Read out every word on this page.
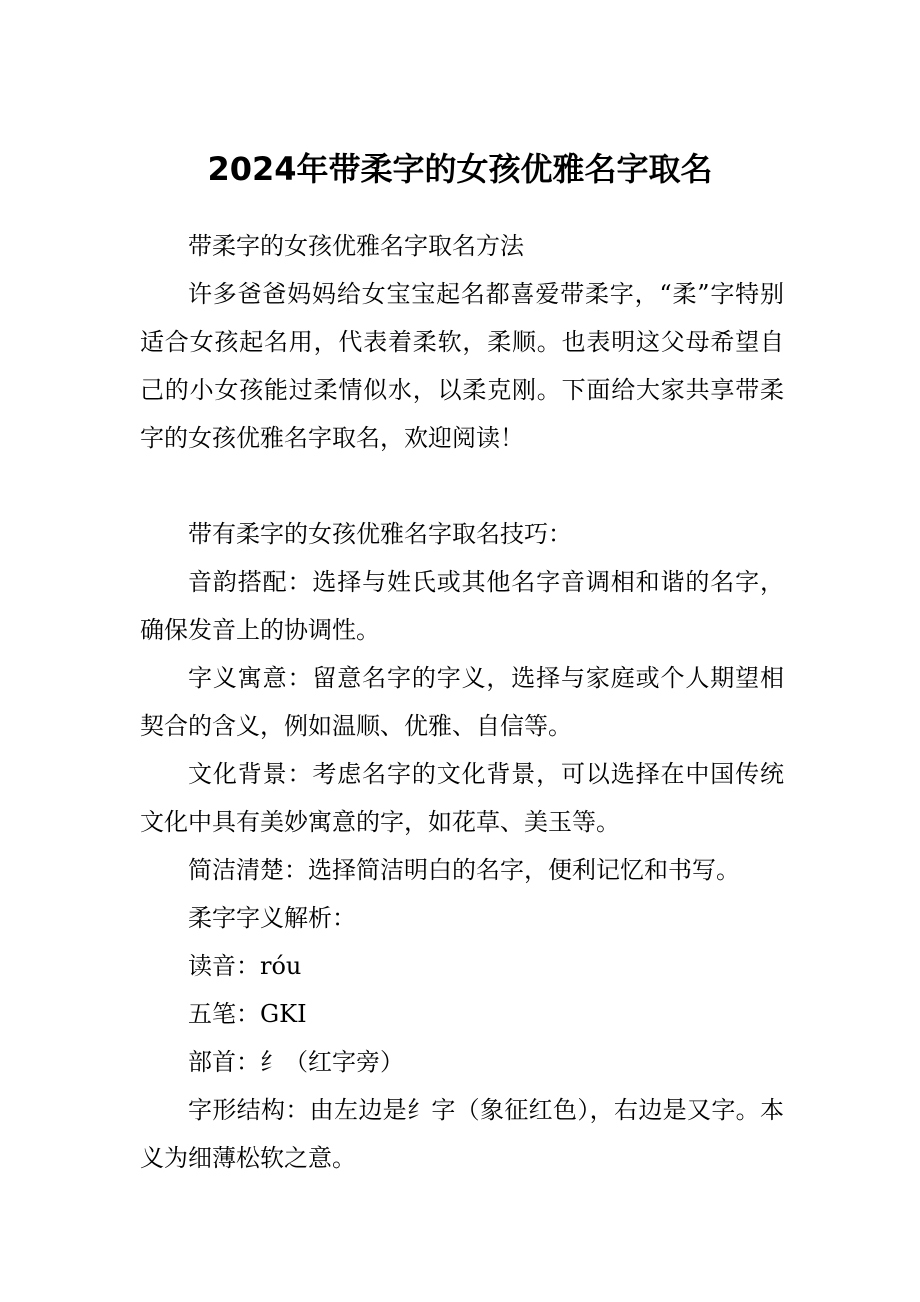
2024年带柔字的女孩优雅名字取名

带柔字的女孩优雅名字取名方法

许多爸爸妈妈给女宝宝起名都喜爱带柔字，“柔”字特别适合女孩起名用，代表着柔软，柔顺。也表明这父母希望自己的小女孩能过柔情似水，以柔克刚。下面给大家共享带柔字的女孩优雅名字取名，欢迎阅读！

带有柔字的女孩优雅名字取名技巧：

音韵搭配：选择与姓氏或其他名字音调相和谐的名字，确保发音上的协调性。

字义寓意：留意名字的字义，选择与家庭或个人期望相契合的含义，例如温顺、优雅、自信等。

文化背景：考虑名字的文化背景，可以选择在中国传统文化中具有美妙寓意的字，如花草、美玉等。

简洁清楚：选择简洁明白的名字，便利记忆和书写。

柔字字义解析：

读音：róu

五笔：GKI

部首：纟（红字旁）

字形结构：由左边是纟字（象征红色），右边是又字。本义为细薄松软之意。
